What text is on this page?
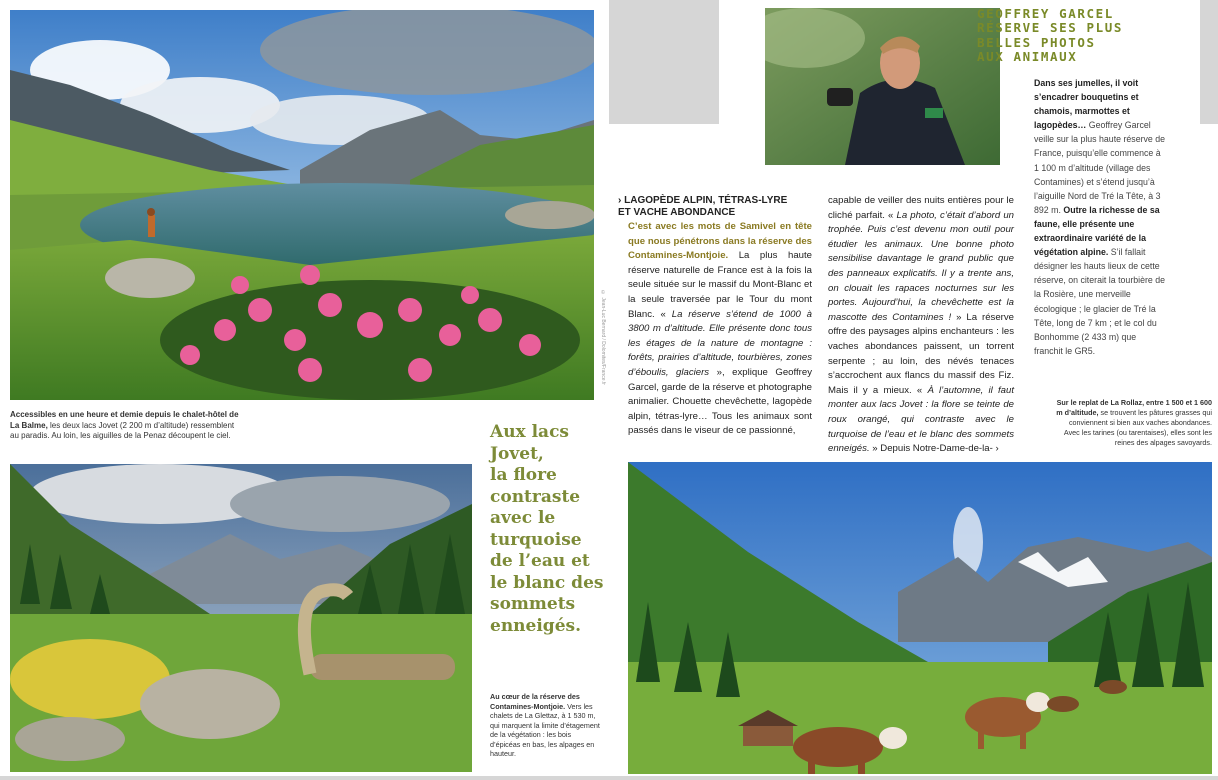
© Jean-Luc Bernard / Dolomites/France.fr
Accessibles en une heure et demie depuis le chalet-hôtel de La Balme, les deux lacs Jovet (2 200 m d’altitude) ressemblent au paradis. Au loin, les aiguilles de la Penaz découpent le ciel.	Aux lacs
Jovet,
la flore
contraste
avec le
turquoise
de l’eau et
le blanc des
sommets
enneigés.
Au cœur de la réserve des Contamines-Montjoie. Vers les chalets de La Glettaz, à 1 530 m, qui marquent la limite d’étagement de la végétation : les bois d’épicéas en bas, les alpages en hauteur.
GEOFFREY GARCEL
RÉSERVE SES PLUS
BELLES PHOTOS
AUX ANIMAUX
Dans ses jumelles, il voit s’encadrer bouquetins et chamois, marmottes et lagopèdes… Geoffrey Garcel veille sur la plus haute réserve de France, puisqu’elle commence à 1 100 m d’altitude (village des Contamines) et s’étend jusqu’à l’aiguille Nord de Tré la Tête, à 3 892 m. Outre la richesse de sa faune, elle présente une extraordinaire variété de la végétation alpine. S’il fallait désigner les hauts lieux de cette réserve, on citerait la tourbière de la Rosière, une merveille écologique ; le glacier de Tré la Tête, long de 7 km ; et le col du Bonhomme (2 433 m) que franchit le GR5.
› LAGOPÈDE ALPIN, TÉTRAS-LYRE
ET VACHE ABONDANCE
C’est avec les mots de Samivel en tête que nous pénétrons dans la réserve des Contamines-Montjoie. La plus haute réserve naturelle de France est à la fois la seule située sur le massif du Mont-Blanc et la seule traversée par le Tour du mont Blanc. « La réserve s’étend de 1000 à 3800 m d’altitude. Elle présente donc tous les étages de la nature de montagne : forêts, prairies d’altitude, tourbières, zones d’éboulis, glaciers », explique Geoffrey Garcel, garde de la réserve et photographe animalier. Chouette chevêchette, lagopède alpin, tétras-lyre… Tous les animaux sont passés dans le viseur de ce passionné,
capable de veiller des nuits entières pour le cliché parfait. « La photo, c’était d’abord un trophée. Puis c’est devenu mon outil pour étudier les animaux. Une bonne photo sensibilise davantage le grand public que des panneaux explicatifs. Il y a trente ans, on clouait les rapaces nocturnes sur les portes. Aujourd’hui, la chevêchette est la mascotte des Contamines ! » La réserve offre des paysages alpins enchanteurs : les vaches abondances paissent, un torrent serpente ; au loin, des névés tenaces s’accrochent aux flancs du massif des Fiz. Mais il y a mieux. « À l’automne, il faut monter aux lacs Jovet : la flore se teinte de roux orangé, qui contraste avec le turquoise de l’eau et le blanc des sommets enneigés. » Depuis Notre-Dame-de-la- ›
Sur le replat de La Rollaz, entre 1 500 et 1 600 m d’altitude, se trouvent les pâtures grasses qui conviennent si bien aux vaches abondances. Avec les tarines (ou tarentaises), elles sont les reines des alpages savoyards.
